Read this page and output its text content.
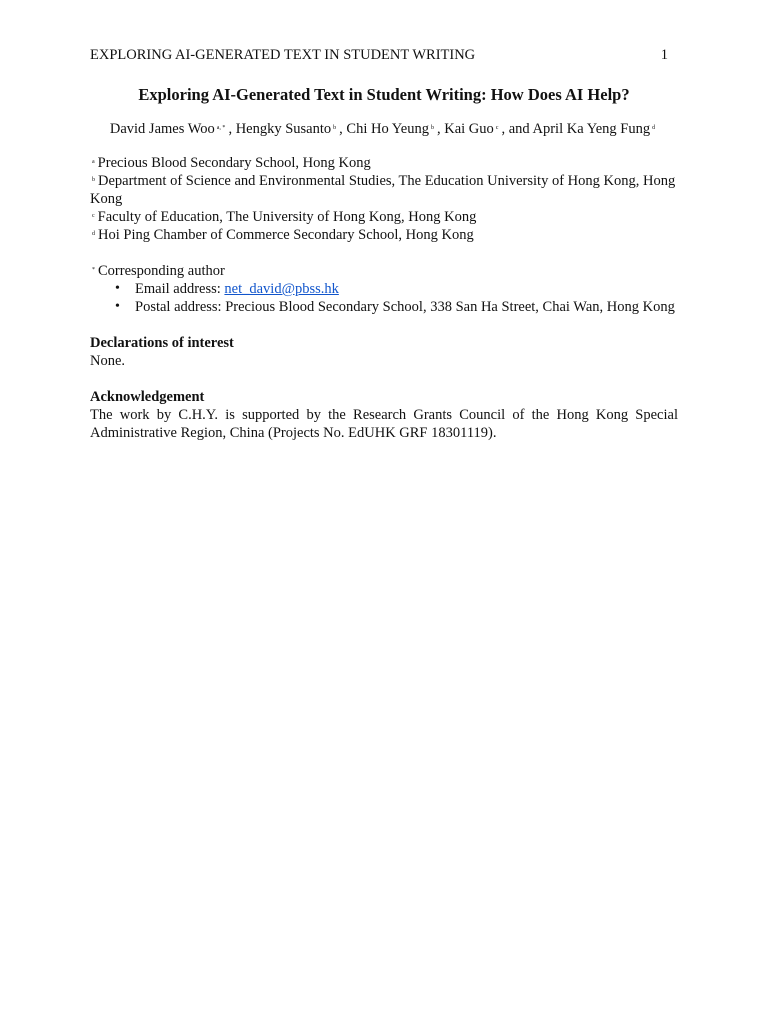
EXPLORING AI-GENERATED TEXT IN STUDENT WRITING	1
Exploring AI-Generated Text in Student Writing: How Does AI Help?
David James Woo $^{a, *}$ , Hengky Susanto $^b$ , Chi Ho Yeung $^b$ , Kai Guo $^c$ , and April Ka Yeng Fung $^d$

$^a$ Precious Blood Secondary School, Hong Kong

$^b$ Department of Science and Environmental Studies, The Education University of Hong Kong, Hong Kong

$^c$ Faculty of Education, The University of Hong Kong, Hong Kong

$^d$ Hoi Ping Chamber of Commerce Secondary School, Hong Kong

* Corresponding author

• Email address: net_david@pbss.hk
• Postal address: Precious Blood Secondary School, 338 San Ha Street, Chai Wan, Hong Kong

Declarations of interest

None.

Acknowledgement

The work by C.H.Y. is supported by the Research Grants Council of the Hong Kong Special Administrative Region, China (Projects No. EdUHK GRF 18301119).
